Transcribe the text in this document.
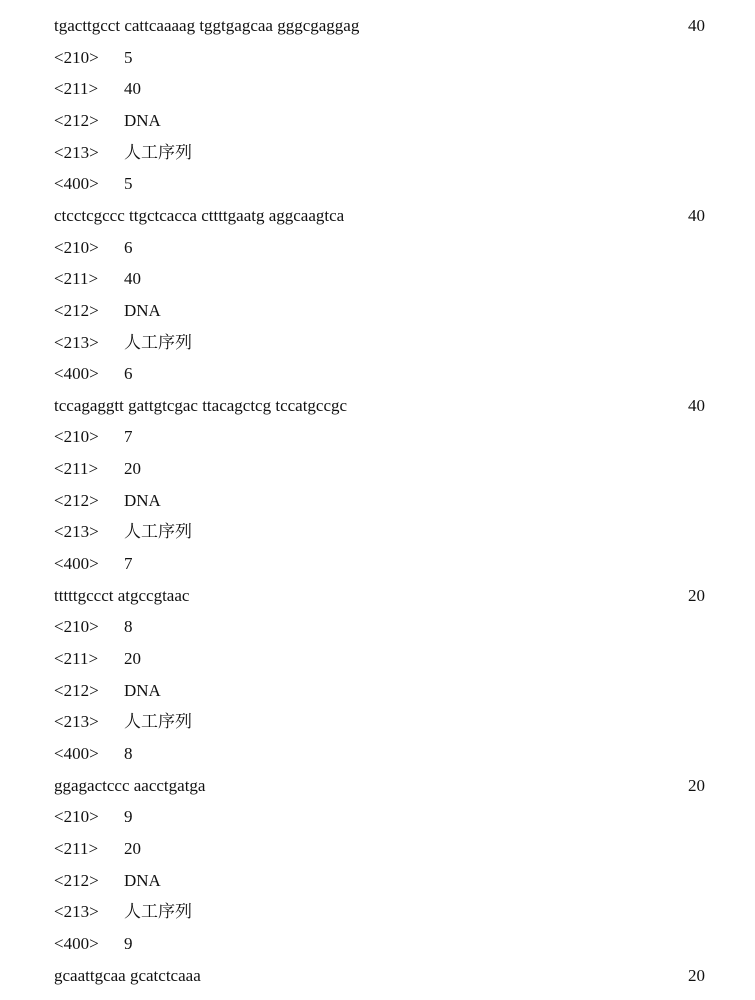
tgacttgcct cattcaaaag tggtgagcaa gggcgaggag	40
<210> 5
<211> 40
<212> DNA
<213> 人工序列
<400> 5
ctcctcgccc ttgctcacca cttttgaatg aggcaagtca	40
<210> 6
<211> 40
<212> DNA
<213> 人工序列
<400> 6
tccagaggtt gattgtcgac ttacagctcg tccatgccgc	40
<210> 7
<211> 20
<212> DNA
<213> 人工序列
<400> 7
tttttgccct atgccgtaac	20
<210> 8
<211> 20
<212> DNA
<213> 人工序列
<400> 8
ggagactccc aacctgatga	20
<210> 9
<211> 20
<212> DNA
<213> 人工序列
<400> 9
gcaattgcaa gcatctcaaa	20
